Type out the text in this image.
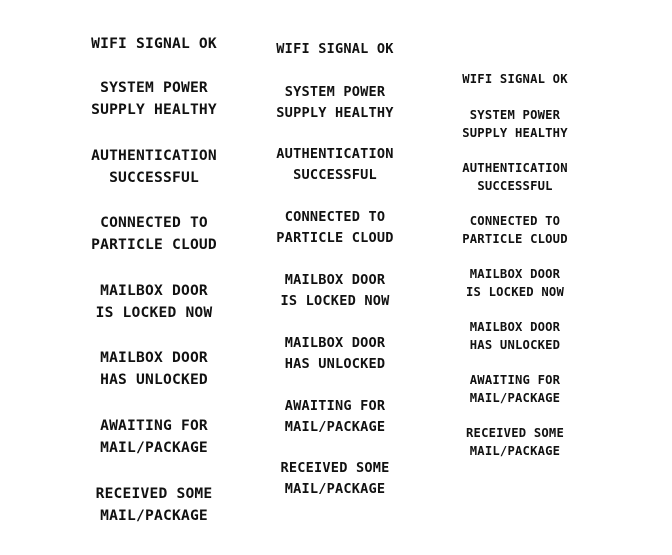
WIFI SIGNAL OK
SYSTEM POWER
SUPPLY HEALTHY
AUTHENTICATION
SUCCESSFUL
CONNECTED TO
PARTICLE CLOUD
MAILBOX DOOR
IS LOCKED NOW
MAILBOX DOOR
HAS UNLOCKED
AWAITING FOR
MAIL/PACKAGE
RECEIVED SOME
MAIL/PACKAGE
WIFI SIGNAL OK
SYSTEM POWER
SUPPLY HEALTHY
AUTHENTICATION
SUCCESSFUL
CONNECTED TO
PARTICLE CLOUD
MAILBOX DOOR
IS LOCKED NOW
MAILBOX DOOR
HAS UNLOCKED
AWAITING FOR
MAIL/PACKAGE
RECEIVED SOME
MAIL/PACKAGE
WIFI SIGNAL OK
SYSTEM POWER
SUPPLY HEALTHY
AUTHENTICATION
SUCCESSFUL
CONNECTED TO
PARTICLE CLOUD
MAILBOX DOOR
IS LOCKED NOW
MAILBOX DOOR
HAS UNLOCKED
AWAITING FOR
MAIL/PACKAGE
RECEIVED SOME
MAIL/PACKAGE
